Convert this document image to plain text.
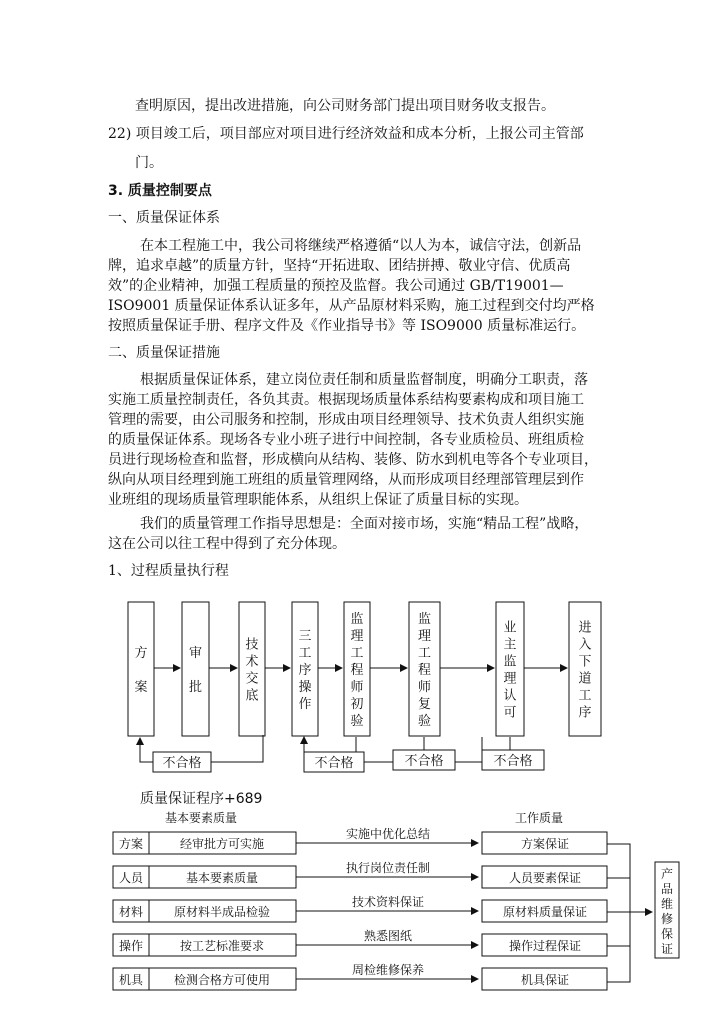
查明原因，提出改进措施，向公司财务部门提出项目财务收支报告。
22) 项目竣工后，项目部应对项目进行经济效益和成本分析，上报公司主管部
门。
3. 质量控制要点
一、质量保证体系
在本工程施工中，我公司将继续严格遵循“以人为本，诚信守法，创新品
牌，追求卓越”的质量方针，坚持“开拓进取、团结拼搏、敬业守信、优质高
效”的企业精神，加强工程质量的预控及监督。我公司通过 GB/T19001—
ISO9001 质量保证体系认证多年，从产品原材料采购，施工过程到交付均严格
按照质量保证手册、程序文件及《作业指导书》等 ISO9000 质量标准运行。
二、质量保证措施
根据质量保证体系，建立岗位责任制和质量监督制度，明确分工职责，落
实施工质量控制责任，各负其责。根据现场质量体系结构要素构成和项目施工
管理的需要，由公司服务和控制，形成由项目经理领导、技术负责人组织实施
的质量保证体系。现场各专业小班子进行中间控制，各专业质检员、班组质检
员进行现场检查和监督，形成横向从结构、装修、防水到机电等各个专业项目，
纵向从项目经理到施工班组的质量管理网络，从而形成项目经理部管理层到作
业班组的现场质量管理职能体系，从组织上保证了质量目标的实现。
我们的质量管理工作指导思想是：全面对接市场，实施“精品工程”战略，
这在公司以往工程中得到了充分体现。
1、过程质量执行程
方案
审批
技术交底
三工序操作
监理工程师初验
监理工程师复验
业主监理认可
进入下道工序
不合格	不合格	不合格	不合格
质量保证程序+689
基本要素质量	工作质量
方案	经审批方可实施
实施中优化总结
方案保证
人员	基本要素质量
执行岗位责任制
人员要素保证
材料	原材料半成品检验
技术资料保证
原材料质量保证
操作	按工艺标准要求
熟悉图纸
操作过程保证
机具	检测合格方可使用
周检维修保养
机具保证
产品维修保证
